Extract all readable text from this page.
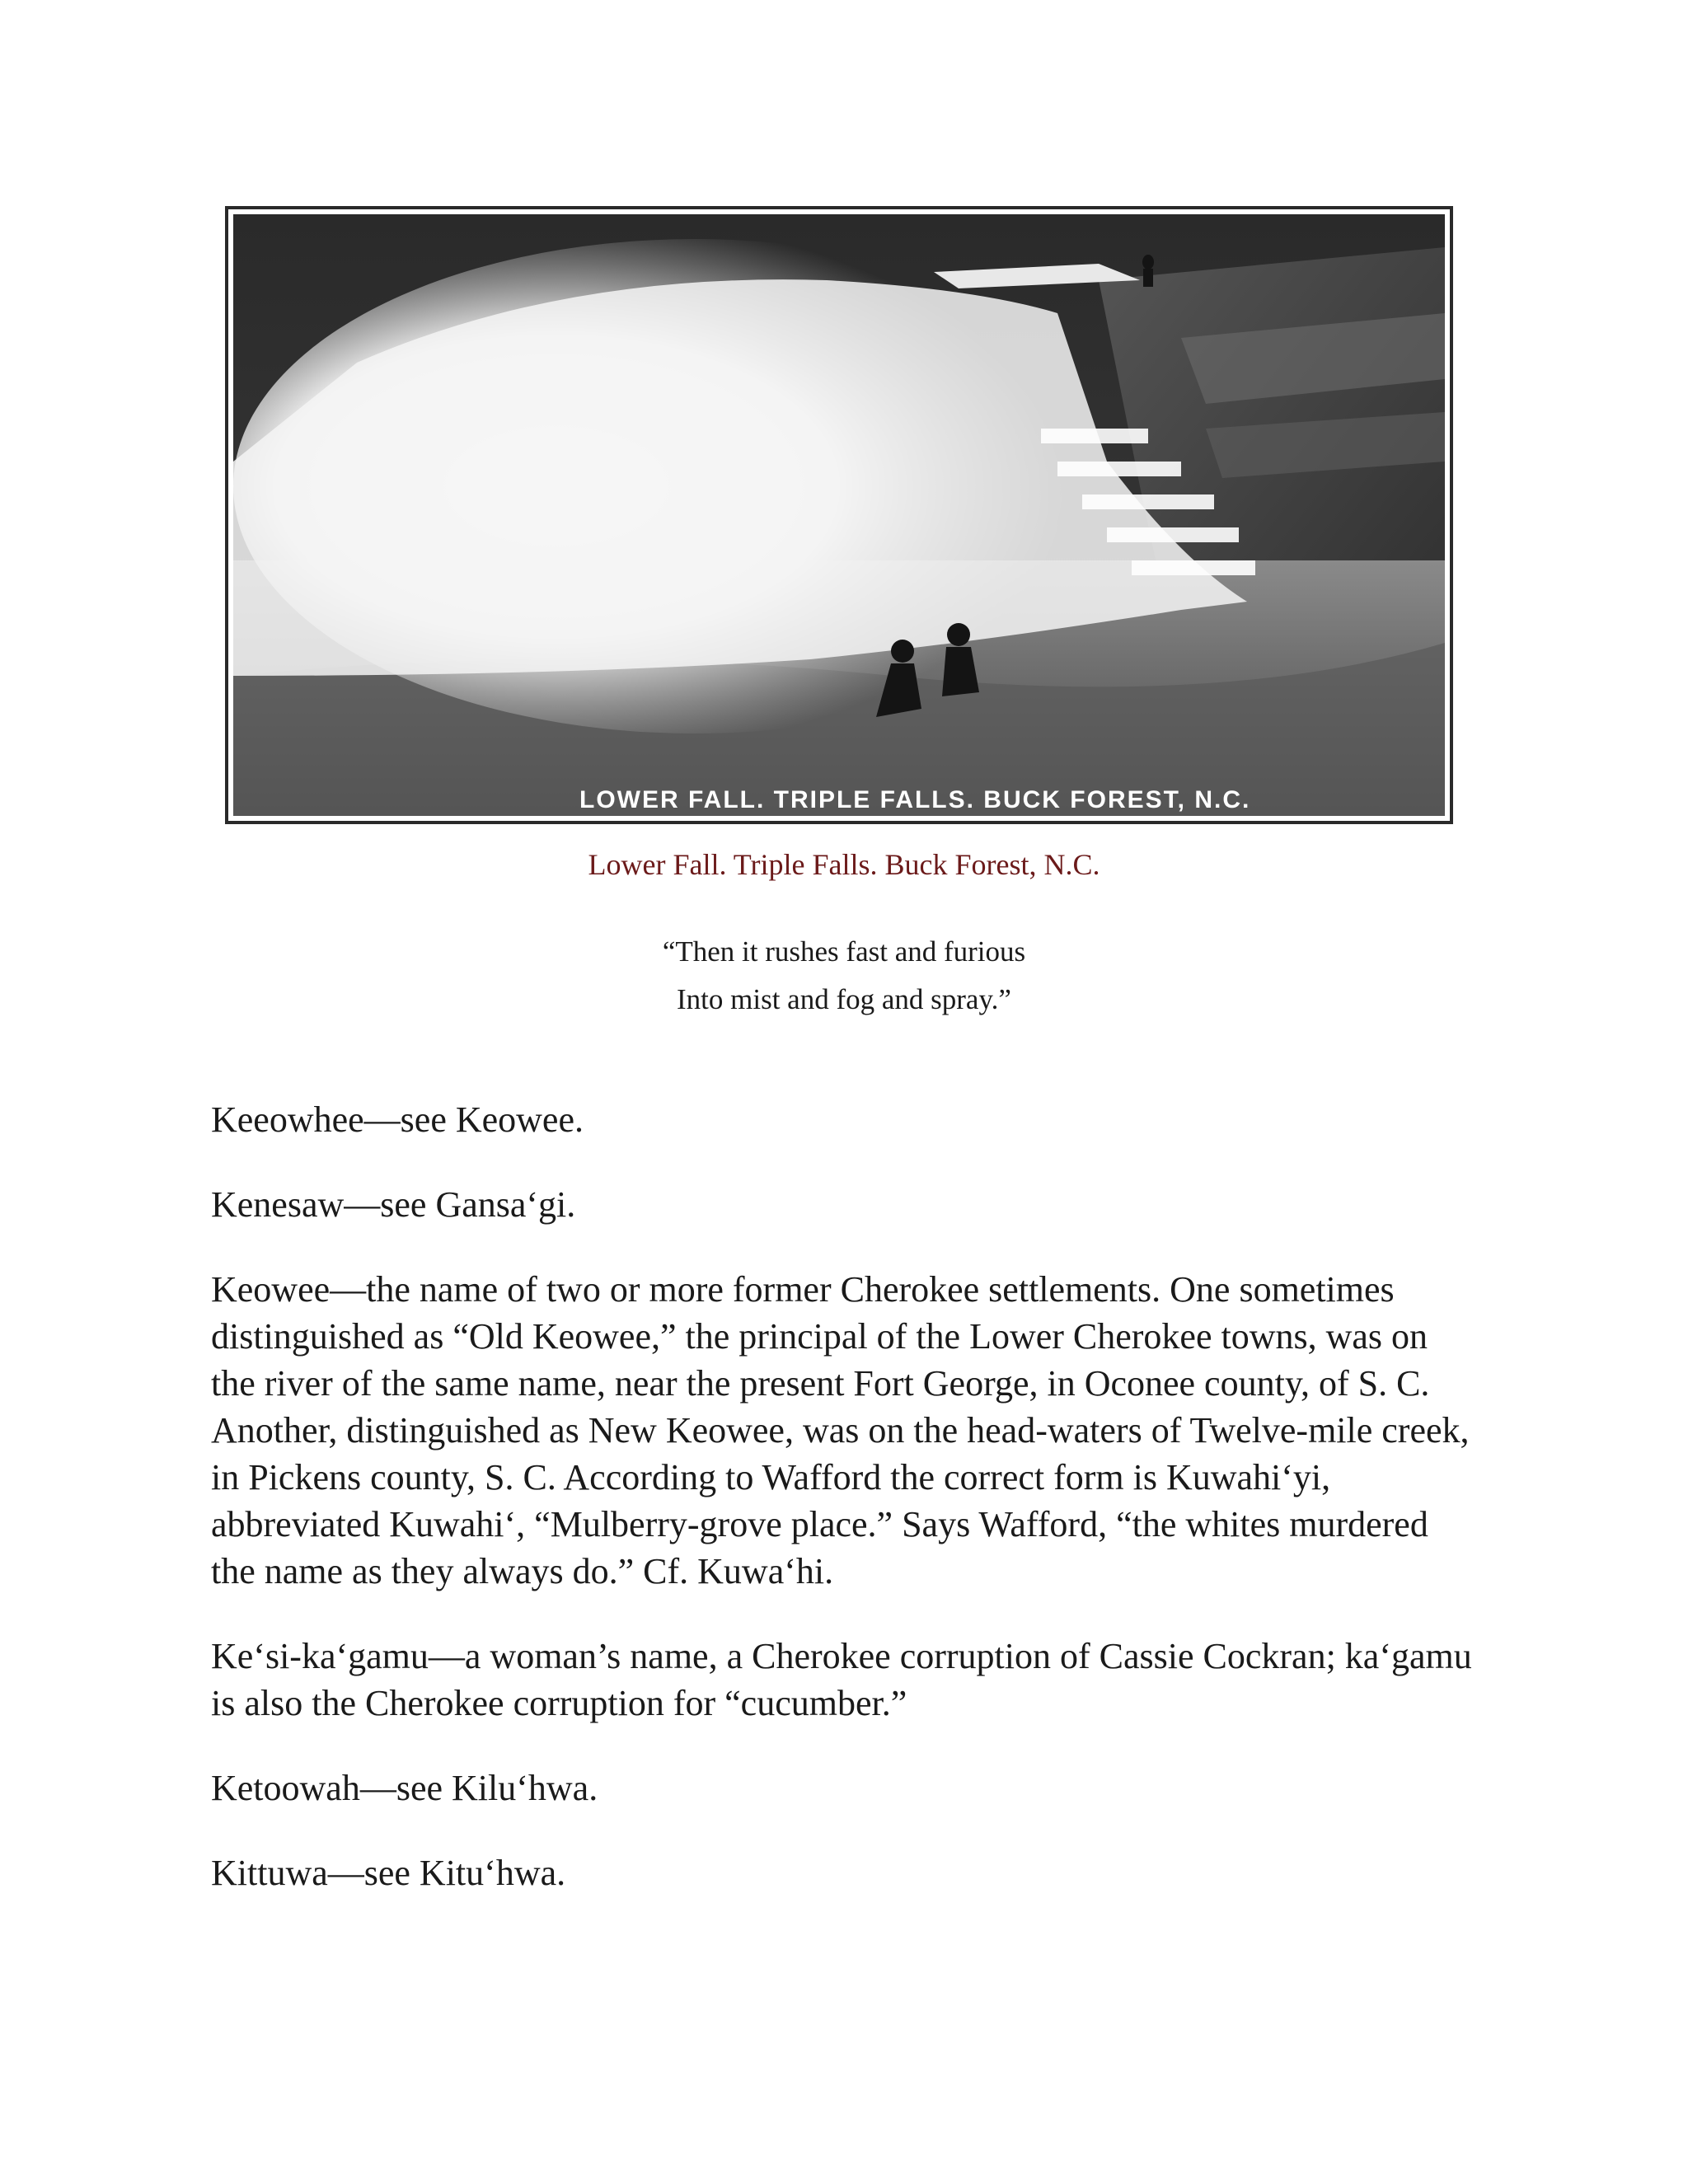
LOWER FALL. TRIPLE FALLS. BUCK FOREST, N.C.
Lower Fall. Triple Falls. Buck Forest, N.C.
“Then it rushes fast and furious
Into mist and fog and spray.”

Keeowhee—see Keowee.

Kenesaw—see Gansa‘gi.

Keowee—the name of two or more former Cherokee settlements. One sometimes distinguished as “Old Keowee,” the principal of the Lower Cherokee towns, was on the river of the same name, near the present Fort George, in Oconee county, of S. C. Another, distinguished as New Keowee, was on the head-waters of Twelve-mile creek, in Pickens county, S. C. According to Wafford the correct form is Kuwahi‘yi, abbreviated Kuwahi‘, “Mulberry-grove place.” Says Wafford, “the whites murdered the name as they always do.” Cf. Kuwa‘hi.

Ke‘si-ka‘gamu—a woman’s name, a Cherokee corruption of Cassie Cockran; ka‘gamu is also the Cherokee corruption for “cucumber.”

Ketoowah—see Kilu‘hwa.

Kittuwa—see Kitu‘hwa.
